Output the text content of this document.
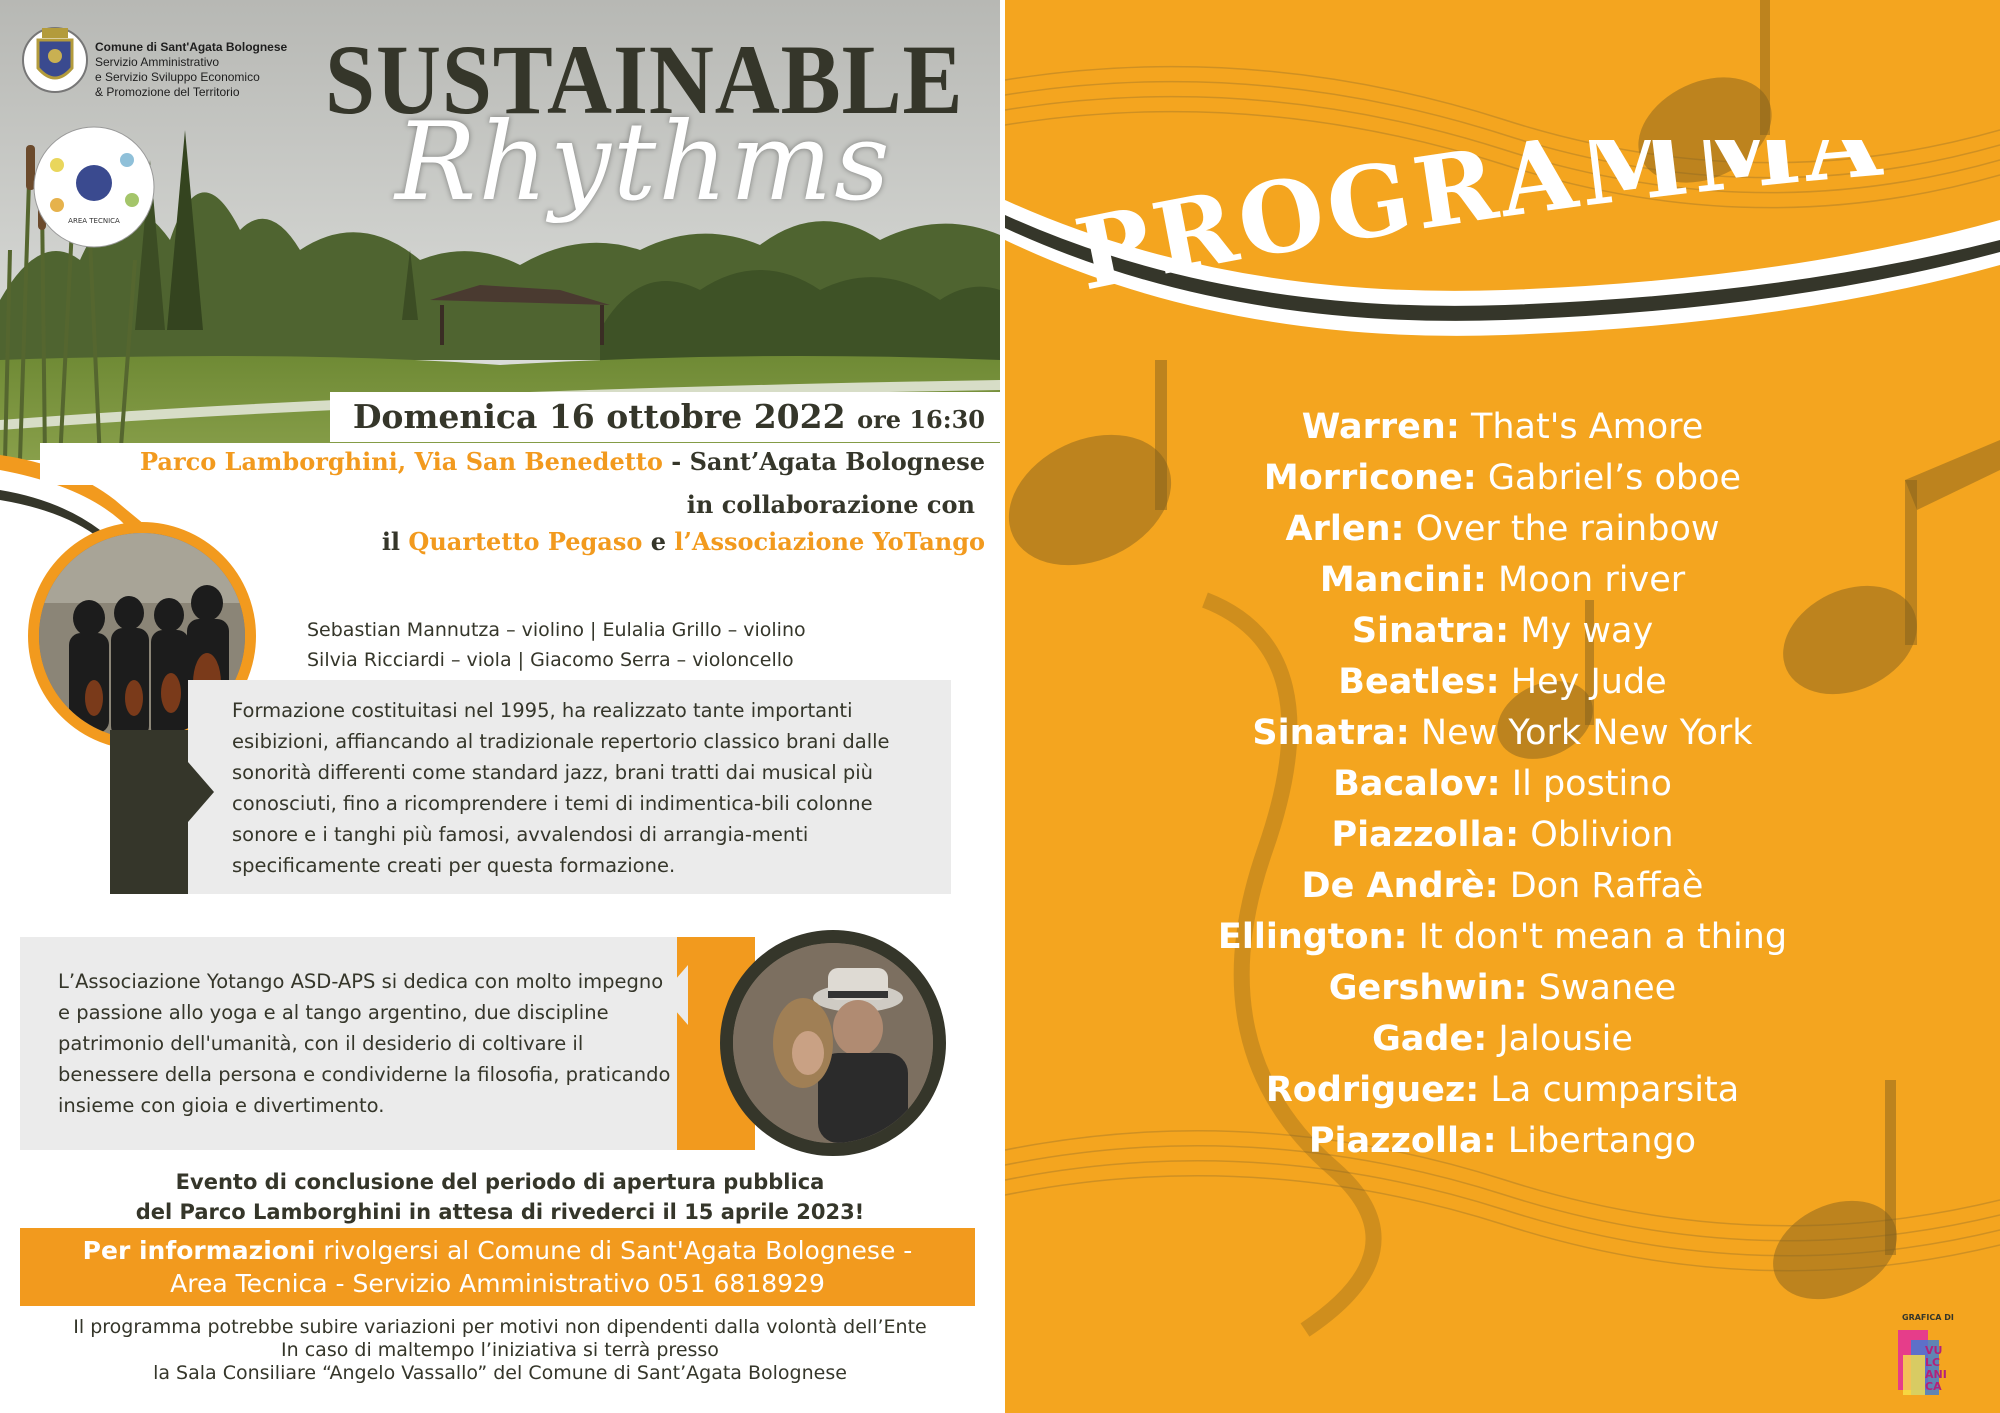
Comune di Sant'Agata Bolognese
Servizio Amministrativo
e Servizio Sviluppo Economico
& Promozione del Territorio
AREA TECNICA
SUSTAINABLE
Rhythms
Domenica 16 ottobre 2022 ore 16:30
Parco Lamborghini, Via San Benedetto - Sant’Agata Bolognese
in collaborazione con
il Quartetto Pegaso e l’Associazione YoTango
Sebastian Mannutza – violino | Eulalia Grillo – violino
Silvia Ricciardi – viola | Giacomo Serra – violoncello
Formazione costituitasi nel 1995, ha realizzato tante importanti esibizioni, affiancando al tradizionale repertorio classico brani dalle sonorità differenti come standard jazz, brani tratti dai musical più conosciuti, fino a ricomprendere i temi di indimentica-bili colonne sonore e i tanghi più famosi, avvalendosi di arrangia-menti specificamente creati per questa formazione.
L’Associazione Yotango ASD-APS si dedica con molto impegno e passione allo yoga e al tango argentino, due discipline patrimonio dell'umanità, con il desiderio di coltivare il benessere della persona e condividerne la filosofia, praticando insieme con gioia e divertimento.
Evento di conclusione del periodo di apertura pubblica
del Parco Lamborghini in attesa di rivederci il 15 aprile 2023!
Per informazioni rivolgersi al Comune di Sant'Agata Bolognese -
Area Tecnica - Servizio Amministrativo 051 6818929
Il programma potrebbe subire variazioni per motivi non dipendenti dalla volontà dell’Ente
In caso di maltempo l’iniziativa si terrà presso
la Sala Consiliare “Angelo Vassallo” del Comune di Sant’Agata Bolognese
PROGRAMMA
Warren: That's Amore
Morricone: Gabriel’s oboe
Arlen: Over the rainbow
Mancini: Moon river
Sinatra: My way
Beatles: Hey Jude
Sinatra: New York New York
Bacalov: Il postino
Piazzolla: Oblivion
De Andrè: Don Raffaè
Ellington: It don't mean a thing
Gershwin: Swanee
Gade: Jalousie
Rodriguez: La cumparsita
Piazzolla: Libertango
GRAFICA DI
VULCANICA
